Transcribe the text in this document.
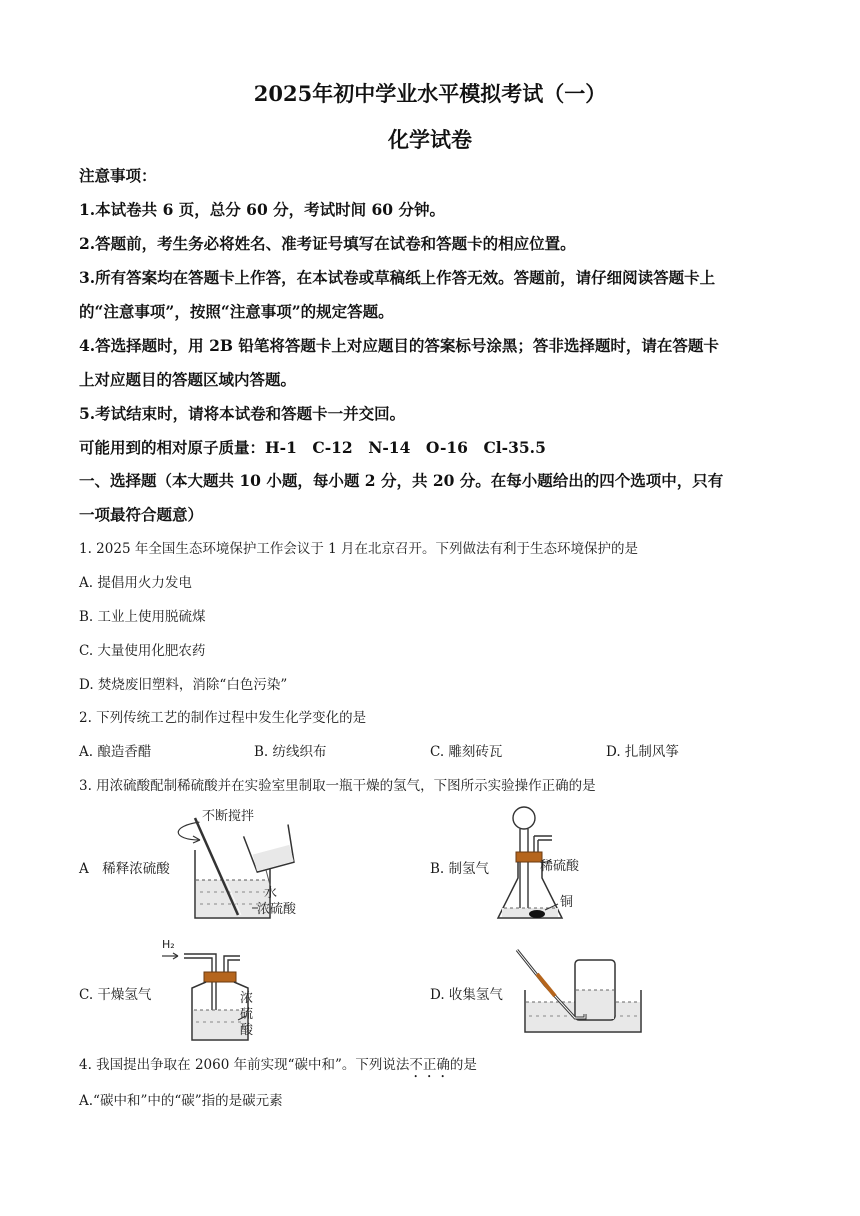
2025年初中学业水平模拟考试（一）
化学试卷
注意事项：
1.本试卷共 6 页，总分 60 分，考试时间 60 分钟。
2.答题前，考生务必将姓名、准考证号填写在试卷和答题卡的相应位置。
3.所有答案均在答题卡上作答，在本试卷或草稿纸上作答无效。答题前，请仔细阅读答题卡上
的“注意事项”，按照“注意事项”的规定答题。
4.答选择题时，用 2B 铅笔将答题卡上对应题目的答案标号涂黑；答非选择题时，请在答题卡
上对应题目的答题区域内答题。
5.考试结束时，请将本试卷和答题卡一并交回。
可能用到的相对原子质量：H-1　C-12　N-14　O-16　Cl-35.5
一、选择题（本大题共 10 小题，每小题 2 分，共 20 分。在每小题给出的四个选项中，只有
一项最符合题意）
1. 2025 年全国生态环境保护工作会议于 1 月在北京召开。下列做法有利于生态环境保护的是
A. 提倡用火力发电
B. 工业上使用脱硫煤
C. 大量使用化肥农药
D. 焚烧废旧塑料，消除“白色污染”
2. 下列传统工艺的制作过程中发生化学变化的是
A. 酿造香醋	B. 纺线织布	C. 雕刻砖瓦	D. 扎制风筝
3. 用浓硫酸配制稀硫酸并在实验室里制取一瓶干燥的氢气，下图所示实验操作正确的是
A　稀释浓硫酸	B. 制氢气
C. 干燥氢气	D. 收集氢气
不断搅拌
水
浓硫酸
稀硫酸
铜
H₂
浓
硫
酸
4. 我国提出争取在 2060 年前实现“碳中和”。下列说法不正确的是
A.“碳中和”中的“碳”指的是碳元素
